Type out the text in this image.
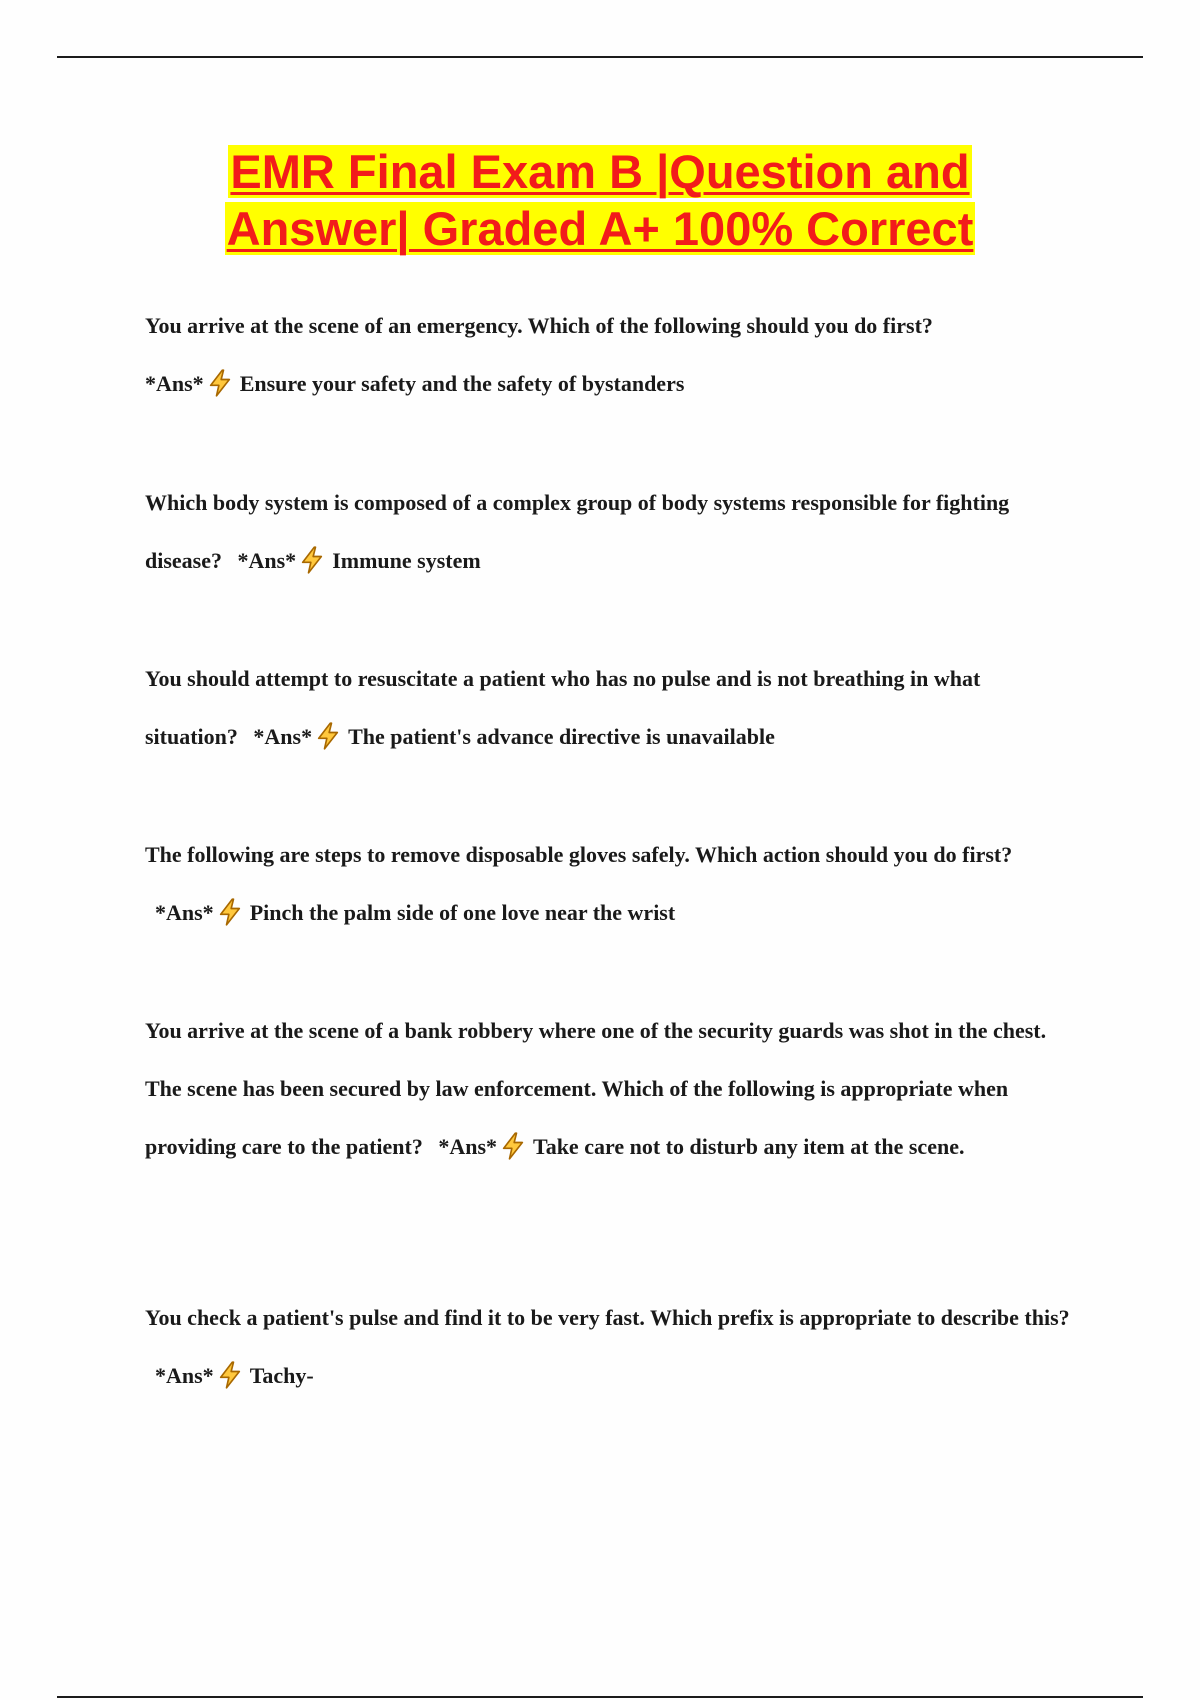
EMR Final Exam B |Question and
Answer| Graded A+ 100% Correct
You arrive at the scene of an emergency. Which of the following should you do first?
*Ans* Ensure your safety and the safety of bystanders
Which body system is composed of a complex group of body systems responsible for fighting disease? *Ans* Immune system
You should attempt to resuscitate a patient who has no pulse and is not breathing in what situation? *Ans* The patient's advance directive is unavailable
The following are steps to remove disposable gloves safely. Which action should you do first? *Ans* Pinch the palm side of one love near the wrist
You arrive at the scene of a bank robbery where one of the security guards was shot in the chest. The scene has been secured by law enforcement. Which of the following is appropriate when providing care to the patient? *Ans* Take care not to disturb any item at the scene.
You check a patient's pulse and find it to be very fast. Which prefix is appropriate to describe this? *Ans* Tachy-
